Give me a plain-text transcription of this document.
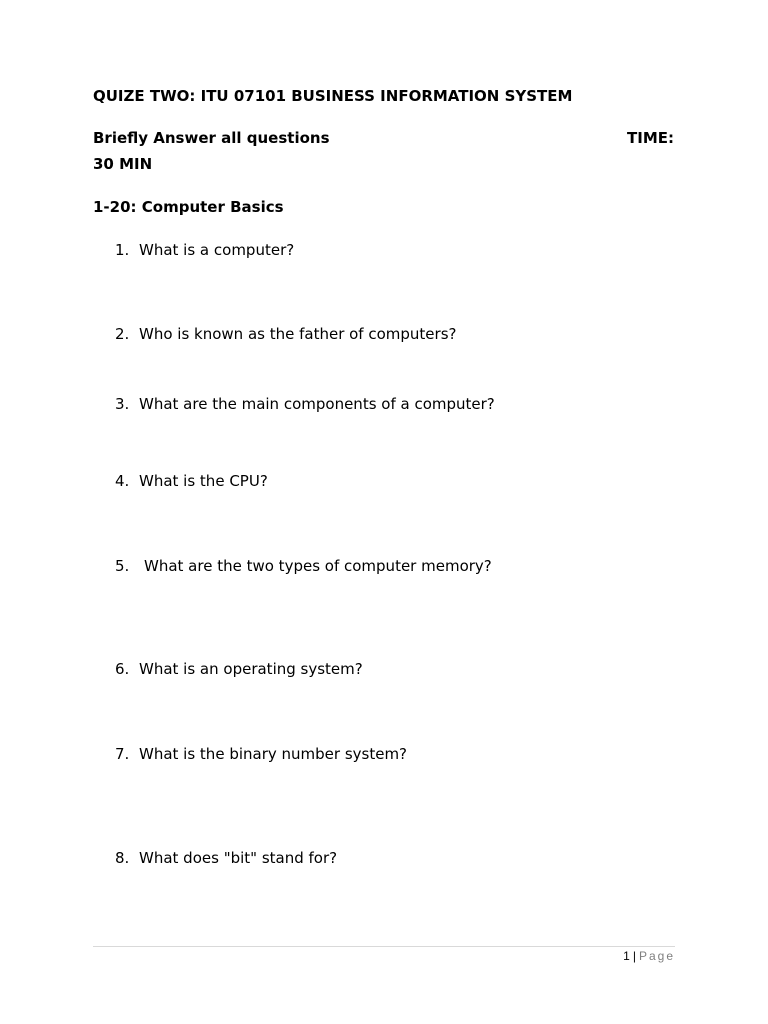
QUIZE TWO: ITU 07101 BUSINESS INFORMATION SYSTEM
Briefly Answer all questions	TIME:
30 MIN
1-20: Computer Basics
1. What is a computer?
2. Who is known as the father of computers?
3. What are the main components of a computer?
4. What is the CPU?
5. What are the two types of computer memory?
6. What is an operating system?
7. What is the binary number system?
8. What does "bit" stand for?
1 | Page
